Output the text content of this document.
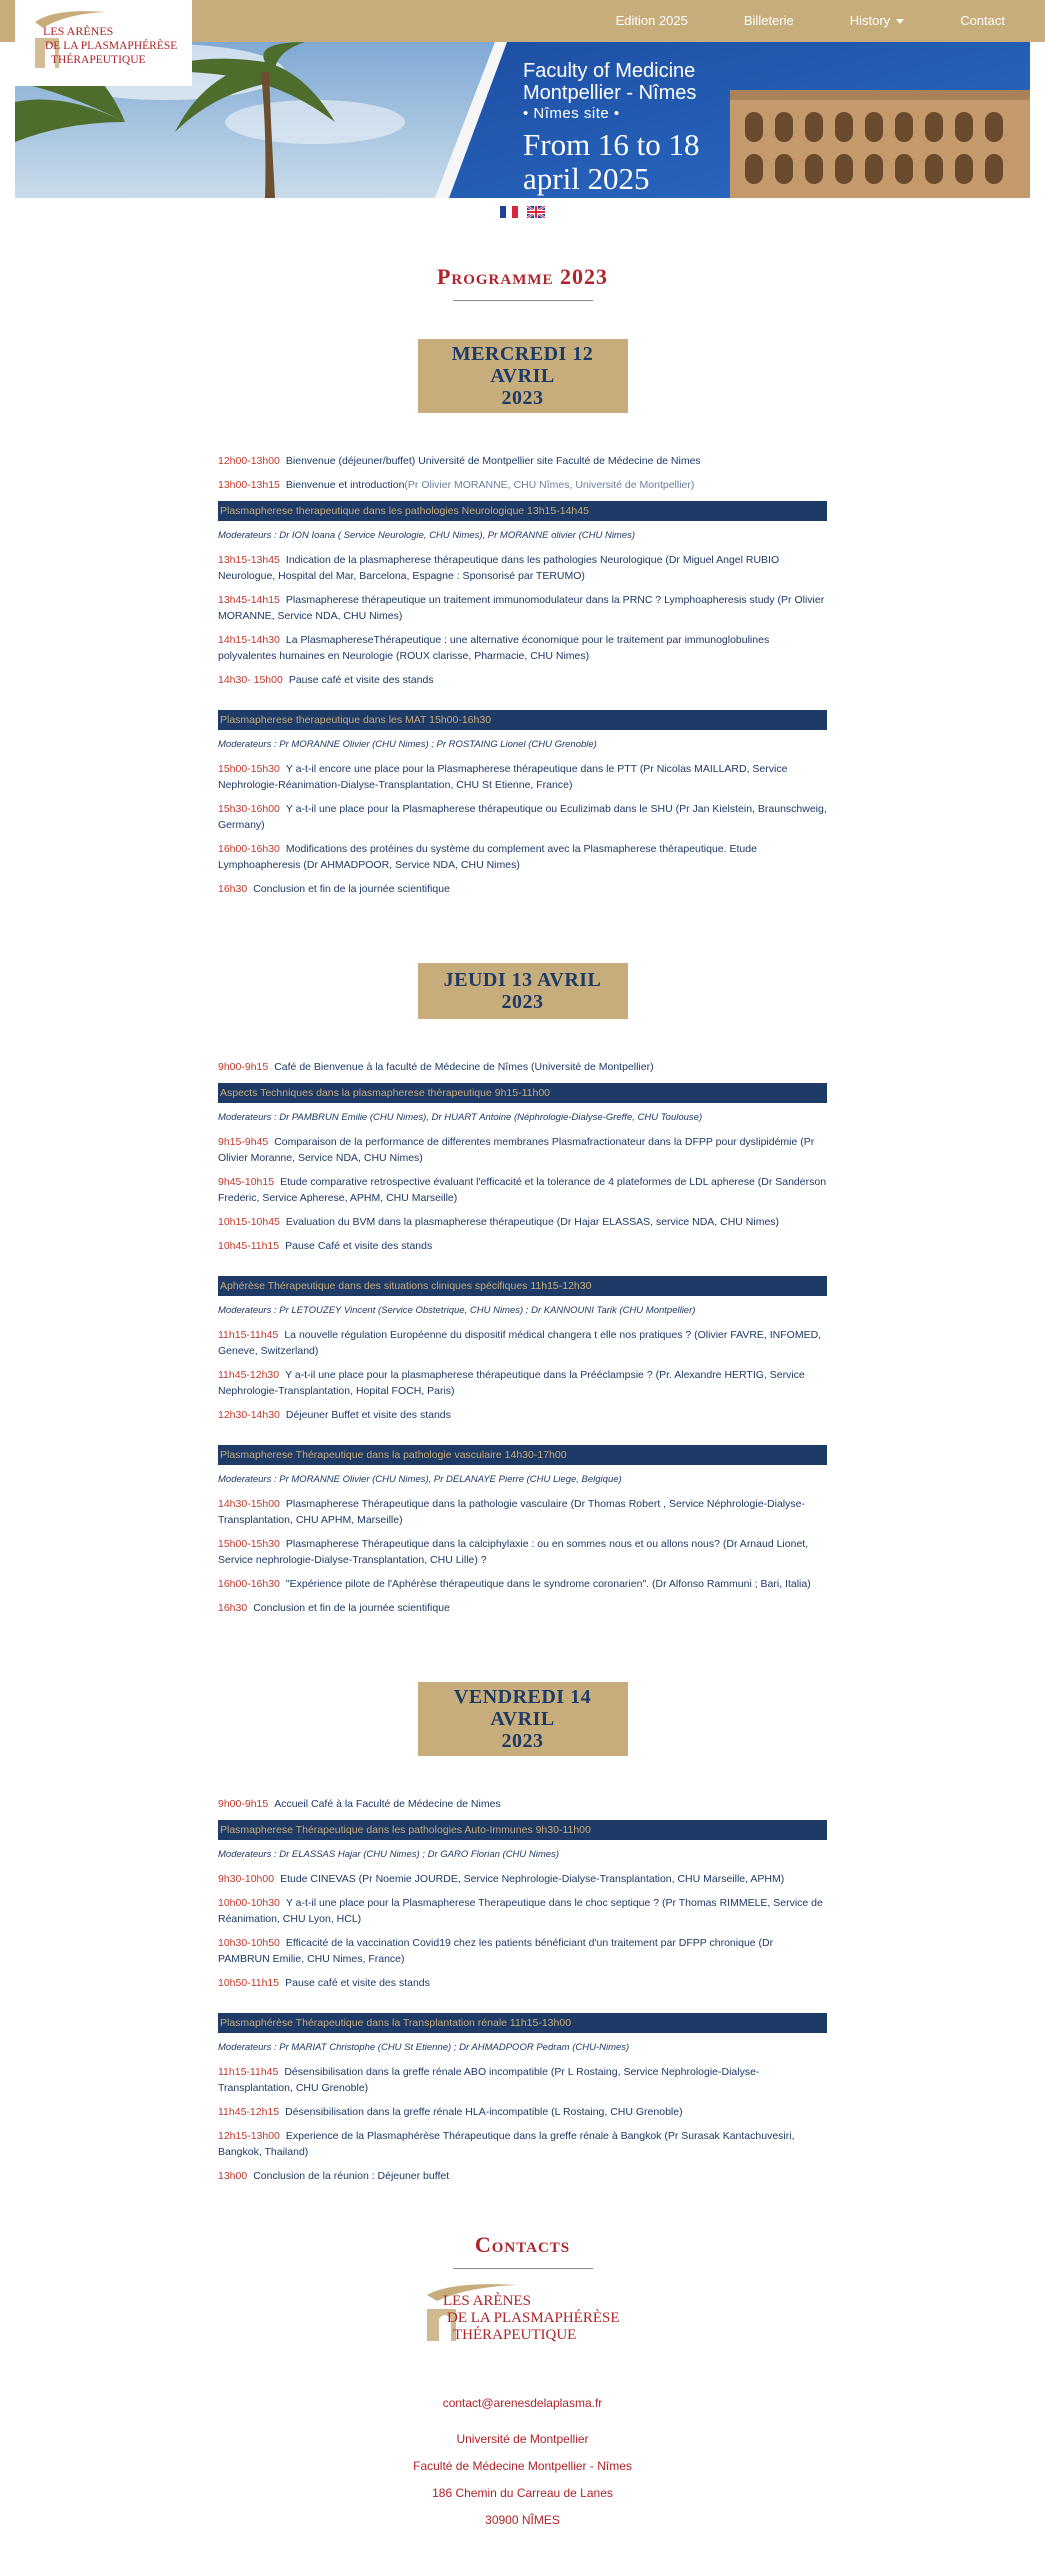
LES ARÈNES
DE LA PLASMAPHÉRÈSE
THÉRAPEUTIQUE
Edition 2025	Billeterie	History	Contact
Faculty of Medicine
Montpellier - Nîmes
• Nîmes site •
From 16 to 18
april 2025

Programme 2023
MERCREDI 12 AVRIL
2023
12h00-13h00 Bienvenue (déjeuner/buffet) Université de Montpellier site Faculté de Médecine de Nimes
13h00-13h15 Bienvenue et introduction(Pr Olivier MORANNE, CHU Nîmes, Université de Montpellier)
Plasmapherese therapeutique dans les pathologies Neurologique 13h15-14h45
Moderateurs : Dr ION Ioana ( Service Neurologie, CHU Nimes), Pr MORANNE olivier (CHU Nimes)
13h15-13h45 Indication de la plasmapherese thérapeutique dans les pathologies Neurologique (Dr Miguel Angel RUBIO Neurologue, Hospital del Mar, Barcelona, Espagne : Sponsorisé par TERUMO)
13h45-14h15 Plasmapherese thérapeutique un traitement immunomodulateur dans la PRNC ? Lymphoapheresis study (Pr Olivier MORANNE, Service NDA, CHU Nimes)
14h15-14h30 La PlasmaphereseThérapeutique : une alternative économique pour le traitement par immunoglobulines polyvalentes humaines en Neurologie (ROUX clarisse, Pharmacie, CHU Nimes)
14h30- 15h00 Pause café et visite des stands
Plasmapherese therapeutique dans les MAT 15h00-16h30
Moderateurs : Pr MORANNE Olivier (CHU Nimes) ; Pr ROSTAING Lionel (CHU Grenoble)
15h00-15h30 Y a-t-il encore une place pour la Plasmapherese thérapeutique dans le PTT (Pr Nicolas MAILLARD, Service Nephrologie-Réanimation-Dialyse-Transplantation, CHU St Etienne, France)
15h30-16h00 Y a-t-il une place pour la Plasmapherese thérapeutique ou Eculizimab dans le SHU (Pr Jan Kielstein, Braunschweig, Germany)
16h00-16h30 Modifications des protéines du système du complement avec la Plasmapherese thérapeutique. Etude Lymphoapheresis (Dr AHMADPOOR, Service NDA, CHU Nimes)
16h30 Conclusion et fin de la journée scientifique
JEUDI 13 AVRIL 2023
9h00-9h15 Café de Bienvenue à la faculté de Médecine de Nîmes (Université de Montpellier)
Aspects Techniques dans la plasmapherese thérapeutique 9h15-11h00
Moderateurs : Dr PAMBRUN Emilie (CHU Nimes), Dr HUART Antoine (Néphrologie-Dialyse-Greffe, CHU Toulouse)
9h15-9h45 Comparaison de la performance de differentes membranes Plasmafractionateur dans la DFPP pour dyslipidémie (Pr Olivier Moranne, Service NDA, CHU Nimes)
9h45-10h15 Etude comparative retrospective évaluant l'efficacité et la tolerance de 4 plateformes de LDL apherese (Dr Sanderson Frederic, Service Apherese, APHM, CHU Marseille)
10h15-10h45 Evaluation du BVM dans la plasmapherese thérapeutique (Dr Hajar ELASSAS, service NDA, CHU Nimes)
10h45-11h15 Pause Café et visite des stands
Aphérèse Thérapeutique dans des situations cliniques spécifiques 11h15-12h30
Moderateurs : Pr LETOUZEY Vincent (Service Obstetrique, CHU Nimes) ; Dr KANNOUNI Tarik (CHU Montpellier)
11h15-11h45 La nouvelle régulation Européenne du dispositif médical changera t elle nos pratiques ? (Olivier FAVRE, INFOMED, Geneve, Switzerland)
11h45-12h30 Y a-t-il une place pour la plasmapherese thérapeutique dans la Prééclampsie ? (Pr. Alexandre HERTIG, Service Nephrologie-Transplantation, Hopital FOCH, Paris)
12h30-14h30 Déjeuner Buffet et visite des stands
Plasmapherese Thérapeutique dans la pathologie vasculaire 14h30-17h00
Moderateurs : Pr MORANNE Olivier (CHU Nimes), Pr DELANAYE Pierre (CHU Liege, Belgique)
14h30-15h00 Plasmapherese Thérapeutique dans la pathologie vasculaire (Dr Thomas Robert , Service Néphrologie-Dialyse-Transplantation, CHU APHM, Marseille)
15h00-15h30 Plasmapherese Thérapeutique dans la calciphylaxie : ou en sommes nous et ou allons nous? (Dr Arnaud Lionet, Service nephrologie-Dialyse-Transplantation, CHU Lille) ?
16h00-16h30 "Expérience pilote de l'Aphérèse thérapeutique dans le syndrome coronarien". (Dr Alfonso Rammuni ; Bari, Italia)
16h30 Conclusion et fin de la journée scientifique
VENDREDI 14 AVRIL
2023
9h00-9h15 Accueil Café à la Faculté de Médecine de Nimes
Plasmapherese Thérapeutique dans les pathologies Auto-Immunes 9h30-11h00
Moderateurs : Dr ELASSAS Hajar (CHU Nimes) ; Dr GARO Florian (CHU Nimes)
9h30-10h00 Etude CINEVAS (Pr Noemie JOURDE, Service Nephrologie-Dialyse-Transplantation, CHU Marseille, APHM)
10h00-10h30 Y a-t-il une place pour la Plasmapherese Therapeutique dans le choc septique ? (Pr Thomas RIMMELE, Service de Réanimation, CHU Lyon, HCL)
10h30-10h50 Efficacité de la vaccination Covid19 chez les patients bénéficiant d'un traitement par DFPP chronique (Dr PAMBRUN Emilie, CHU Nimes, France)
10h50-11h15 Pause café et visite des stands
Plasmaphérèse Thérapeutique dans la Transplantation rénale 11h15-13h00
Moderateurs : Pr MARIAT Christophe (CHU St Etienne) ; Dr AHMADPOOR Pedram (CHU-Nimes)
11h15-11h45 Désensibilisation dans la greffe rénale ABO incompatible (Pr L Rostaing, Service Nephrologie-Dialyse-Transplantation, CHU Grenoble)
11h45-12h15 Désensibilisation dans la greffe rénale HLA-incompatible (L Rostaing, CHU Grenoble)
12h15-13h00 Experience de la Plasmaphérèse Thérapeutique dans la greffe rénale à Bangkok (Pr Surasak Kantachuvesiri, Bangkok, Thailand)
13h00 Conclusion de la réunion : Déjeuner buffet
Contacts
LES ARÈNES
DE LA PLASMAPHÉRÈSE
THÉRAPEUTIQUE
contact@arenesdelaplasma.fr
Université de Montpellier
Faculté de Médecine Montpellier - Nîmes
186 Chemin du Carreau de Lanes
30900 NÎMES
